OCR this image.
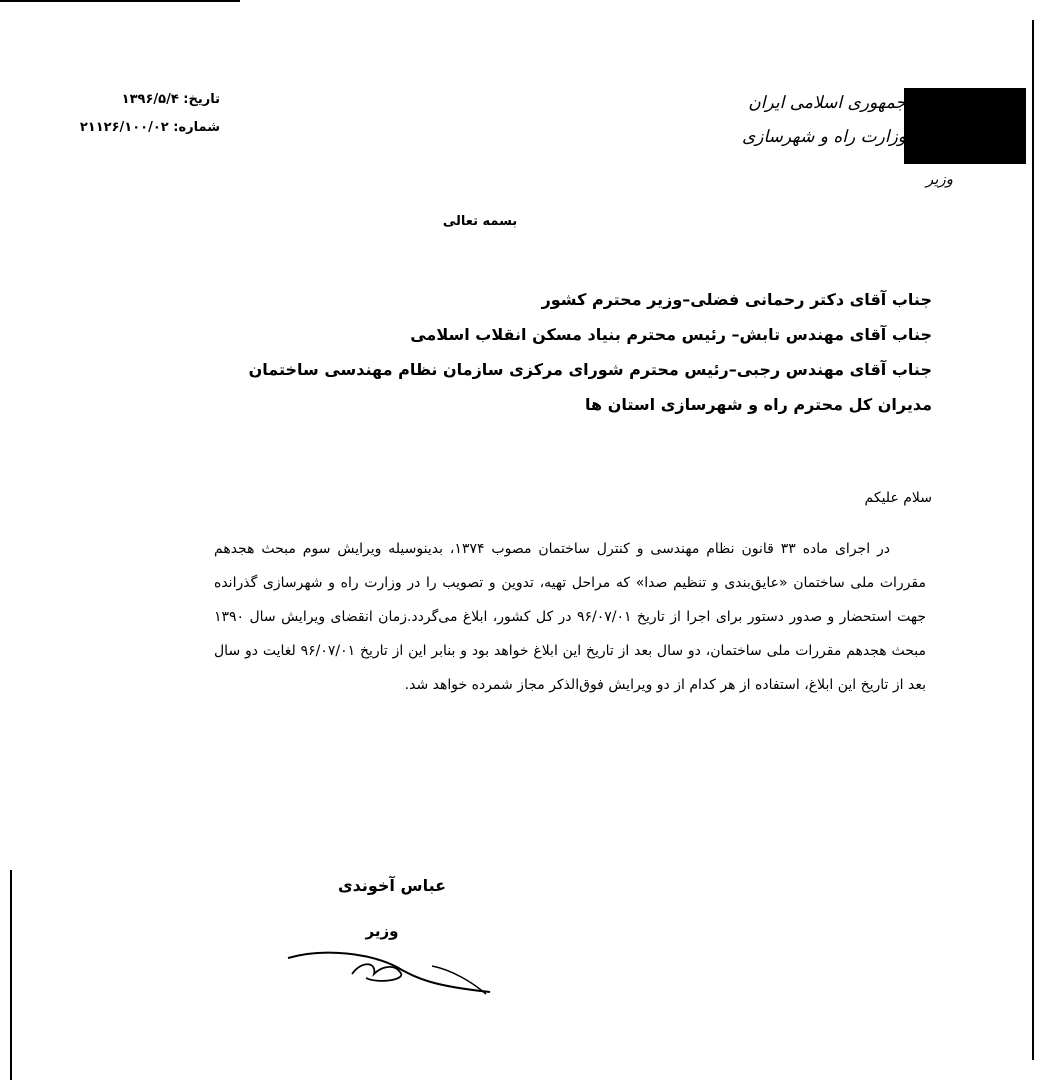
تاریخ: ۱۳۹۶/۵/۴
شماره: ۲۱۱۲۶/۱۰۰/۰۲
جمهوری اسلامی ایران
وزارت راه و شهرسازی
وزیر
بسمه تعالی
جناب آقای دکتر رحمانی فضلی–وزیر محترم کشور
جناب آقای مهندس تابش– رئیس محترم بنیاد مسکن انقلاب اسلامی
جناب آقای مهندس رجبی–رئیس محترم شورای مرکزی سازمان نظام مهندسی ساختمان
مدیران کل محترم راه و شهرسازی استان ها
سلام علیکم
در اجرای ماده ۳۳ قانون نظام مهندسی و کنترل ساختمان مصوب ۱۳۷۴، بدینوسیله ویرایش سوم مبحث هجدهم مقررات ملی ساختمان «عایق‌بندی و تنظیم صدا» که مراحل تهیه، تدوین و تصویب را در وزارت راه و شهرسازی گذرانده جهت استحضار و صدور دستور برای اجرا از تاریخ ۹۶/۰۷/۰۱ در کل کشور، ابلاغ می‌گردد.زمان انقضای ویرایش سال ۱۳۹۰ مبحث هجدهم مقررات ملی ساختمان، دو سال بعد از تاریخ این ابلاغ خواهد بود و بنابر این از تاریخ ۹۶/۰۷/۰۱ لغایت دو سال بعد از تاریخ این ابلاغ، استفاده از هر کدام از دو ویرایش فوق‌الذکر مجاز شمرده خواهد شد.
عباس آخوندی
وزیر
